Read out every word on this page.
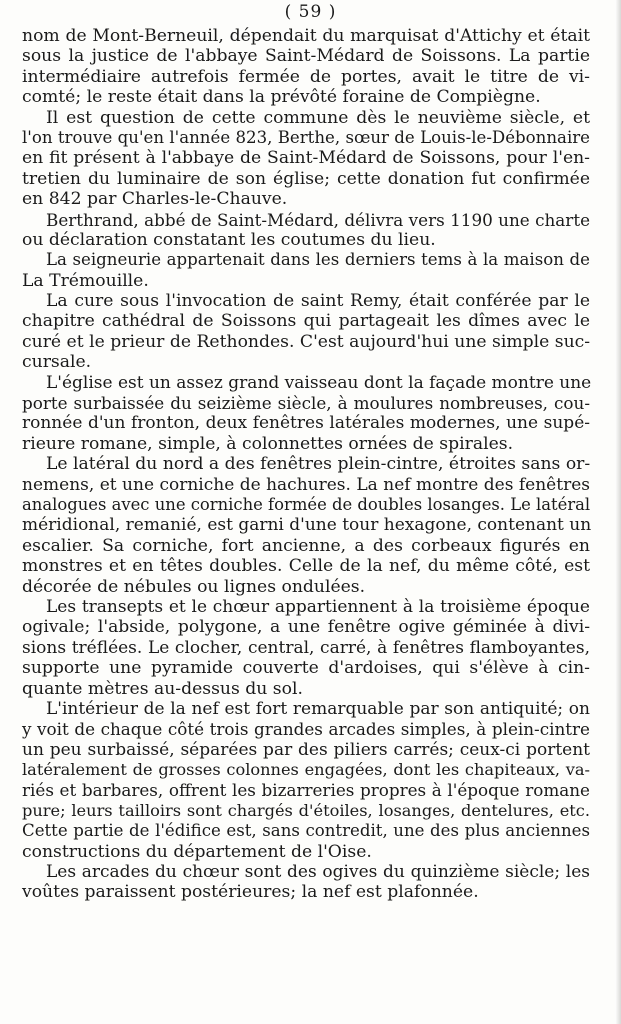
( 59 )
nom de Mont-Berneuil, dépendait du marquisat d'Attichy et était
sous la justice de l'abbaye Saint-Médard de Soissons. La partie
intermédiaire autrefois fermée de portes, avait le titre de vi-
comté; le reste était dans la prévôté foraine de Compiègne.
Il est question de cette commune dès le neuvième siècle, et
l'on trouve qu'en l'année 823, Berthe, sœur de Louis-le-Débonnaire
en fit présent à l'abbaye de Saint-Médard de Soissons, pour l'en-
tretien du luminaire de son église; cette donation fut confirmée
en 842 par Charles-le-Chauve.
Berthrand, abbé de Saint-Médard, délivra vers 1190 une charte
ou déclaration constatant les coutumes du lieu.
La seigneurie appartenait dans les derniers tems à la maison de
La Trémouille.
La cure sous l'invocation de saint Remy, était conférée par le
chapitre cathédral de Soissons qui partageait les dîmes avec le
curé et le prieur de Rethondes. C'est aujourd'hui une simple suc-
cursale.
L'église est un assez grand vaisseau dont la façade montre une
porte surbaissée du seizième siècle, à moulures nombreuses, cou-
ronnée d'un fronton, deux fenêtres latérales modernes, une supé-
rieure romane, simple, à colonnettes ornées de spirales.
Le latéral du nord a des fenêtres plein-cintre, étroites sans or-
nemens, et une corniche de hachures. La nef montre des fenêtres
analogues avec une corniche formée de doubles losanges. Le latéral
méridional, remanié, est garni d'une tour hexagone, contenant un
escalier. Sa corniche, fort ancienne, a des corbeaux figurés en
monstres et en têtes doubles. Celle de la nef, du même côté, est
décorée de nébules ou lignes ondulées.
Les transepts et le chœur appartiennent à la troisième époque
ogivale; l'abside, polygone, a une fenêtre ogive géminée à divi-
sions tréflées. Le clocher, central, carré, à fenêtres flamboyantes,
supporte une pyramide couverte d'ardoises, qui s'élève à cin-
quante mètres au-dessus du sol.
L'intérieur de la nef est fort remarquable par son antiquité; on
y voit de chaque côté trois grandes arcades simples, à plein-cintre
un peu surbaissé, séparées par des piliers carrés; ceux-ci portent
latéralement de grosses colonnes engagées, dont les chapiteaux, va-
riés et barbares, offrent les bizarreries propres à l'époque romane
pure; leurs tailloirs sont chargés d'étoiles, losanges, dentelures, etc.
Cette partie de l'édifice est, sans contredit, une des plus anciennes
constructions du département de l'Oise.
Les arcades du chœur sont des ogives du quinzième siècle; les
voûtes paraissent postérieures; la nef est plafonnée.
